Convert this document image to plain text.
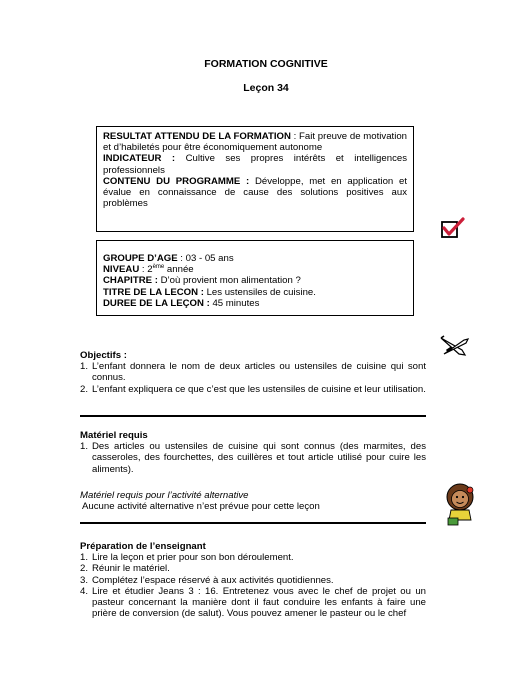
FORMATION COGNITIVE
Leçon 34

RESULTAT ATTENDU DE LA FORMATION : Fait preuve de motivation et d’habiletés pour être économiquement autonome

INDICATEUR : Cultive ses propres intérêts et intelligences professionnels

CONTENU DU PROGRAMME : Développe, met en application et évalue en connaissance de cause des solutions positives aux problèmes

GROUPE D’AGE : 03 - 05 ans

NIVEAU : 2ème année

CHAPITRE : D’où provient mon alimentation ?

TITRE DE LA LECON : Les ustensiles de cuisine.

DUREE DE LA LEÇON : 45 minutes

Objectifs :

1. L’enfant donnera le nom de deux articles ou ustensiles de cuisine qui sont connus.
2. L’enfant expliquera ce que c’est que les ustensiles de cuisine et leur utilisation.

Matériel requis

1. Des articles ou ustensiles de cuisine qui sont connus (des marmites, des casseroles, des fourchettes, des cuillères et tout article utilisé pour cuire les aliments).

Matériel requis pour l’activité alternative

Aucune activité alternative n’est prévue pour cette leçon

Préparation de l’enseignant

1. Lire la leçon et prier pour son bon déroulement.
2. Réunir le matériel.
3. Complétez l’espace réservé à aux activités quotidiennes.
4. Lire et étudier Jeans 3 : 16. Entretenez vous avec le chef de projet ou un pasteur concernant la manière dont il faut conduire les enfants à faire une prière de conversion (de salut). Vous pouvez amener le pasteur ou le chef
